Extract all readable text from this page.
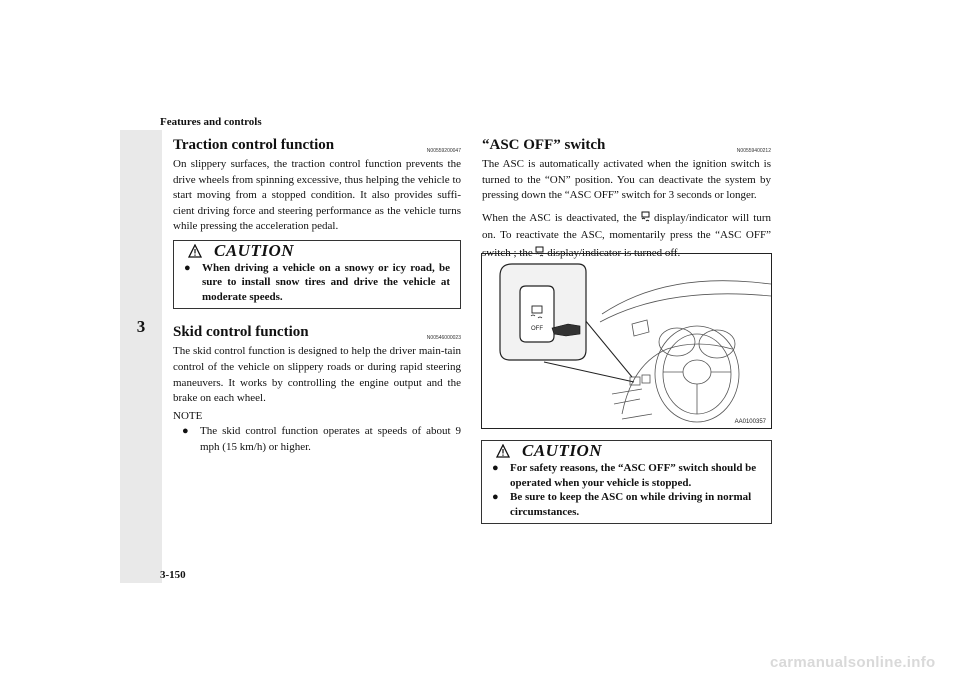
Features and controls
3
3-150
carmanualsonline.info
Traction control function	N00559200047
On slippery surfaces, the traction control function prevents the drive wheels from spinning excessive, thus helping the vehicle to start moving from a stopped condition. It also provides suffi-cient driving force and steering performance as the vehicle turns while pressing the acceleration pedal.
CAUTION
●	When driving a vehicle on a snowy or icy road, be sure to install snow tires and drive the vehicle at moderate speeds.
Skid control function	N00546000023
The skid control function is designed to help the driver main-tain control of the vehicle on slippery roads or during rapid steering maneuvers. It works by controlling the engine output and the brake on each wheel.
NOTE
●	The skid control function operates at speeds of about 9 mph (15 km/h) or higher.
“ASC OFF” switch	N00559400212
The ASC is automatically activated when the ignition switch is turned to the “ON” position. You can deactivate the system by pressing down the “ASC OFF” switch for 3 seconds or longer.
When the ASC is deactivated, the display/indicator will turn on. To reactivate the ASC, momentarily press the “ASC OFF” switch ; the display/indicator is turned off.
OFF
AA0100357
CAUTION
●	For safety reasons, the “ASC OFF” switch should be operated when your vehicle is stopped.
●	Be sure to keep the ASC on while driving in normal circumstances.
